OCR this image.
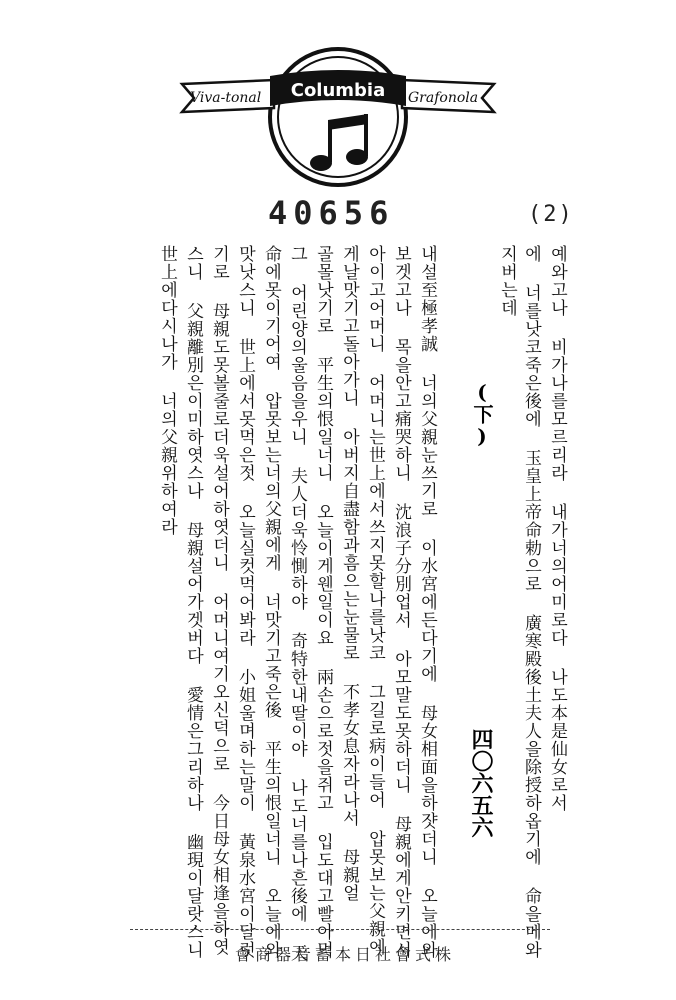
Viva-tonal	Grafonola
Columbia
40656	(2)
예와고나 비가나를모르리라 내가너의어미로다 나도本是仙女로서
에 너를낫코죽은後에 玉皇上帝命勅으로 廣寒殿後土夫人을除授하옵기에 命을메와
지버는데
(下)
四〇六五六
내설至極孝誠 너의父親눈쓰기로 이水宮에든다기에 母女相面을하쟛더니 오늘에와
보겟고나 목을안고痛哭하니 沈浪子分別업서 아모말도못하더니 母親에게안키면서
아이고어머니 어머니는世上에서쓰지못할나를낫코 그길로病이들어 압못보는父親에
게날맛기고돌아가니 아버지自盡함과흠으는눈물로 不孝女息자라나서 母親얼
골몰낫기로 平生의恨일너니 오늘이게웬일이요 兩손으로젓을쥐고 입도대고빨아먹
그 어린양의울음을우니 夫人더욱怜惻하야 奇特한내딸이야 나도너를나흔後에 天
命에못이기어여 압못보는너의父親에게 너맛기고죽은後 平生의恨일너니 오늘에와
맛낫스니 世上에서못먹은젓 오늘실컷먹어봐라 小姐울며하는말이 黃泉水宮이달럿
기로 母親도못볼줄로더욱설어하엿더니 어머니여기오신덕으로 今日母女相逢을하엿
스니 父親離別은이미하엿스나 母親설어가겟버다 愛情은그리하나 幽現이달랏스니
世上에다시나가 너의父親위하여라
株式會社日本蓄音器商會
